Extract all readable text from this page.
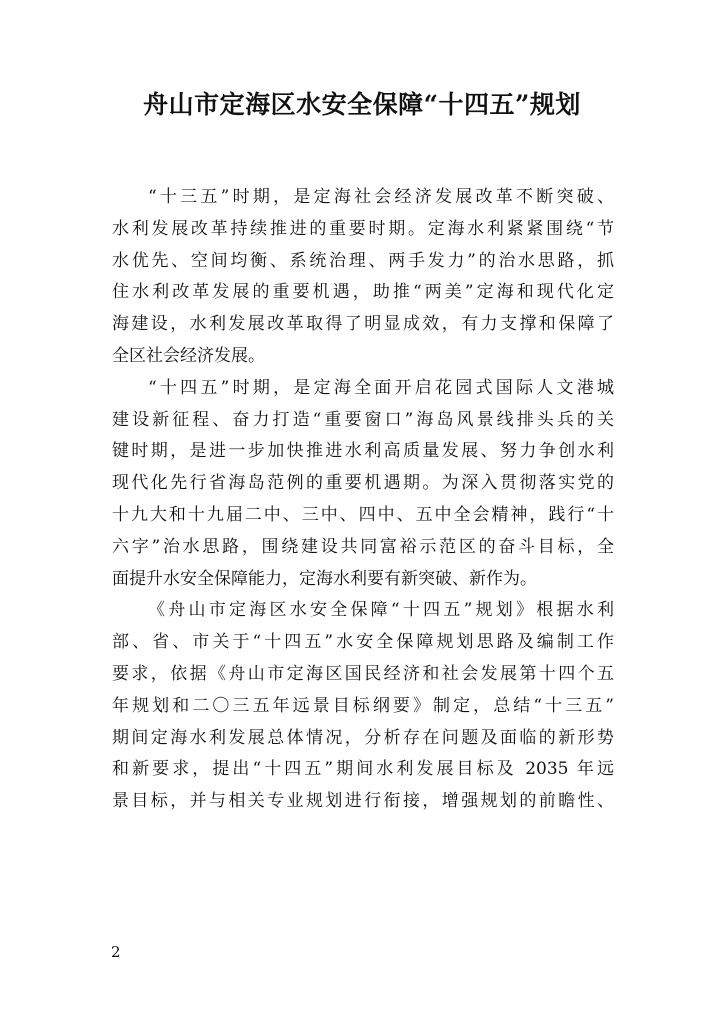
舟山市定海区水安全保障“十四五”规划
“十三五”时期，是定海社会经济发展改革不断突破、
水利发展改革持续推进的重要时期。定海水利紧紧围绕“节
水优先、空间均衡、系统治理、两手发力”的治水思路，抓
住水利改革发展的重要机遇，助推“两美”定海和现代化定
海建设，水利发展改革取得了明显成效，有力支撑和保障了
全区社会经济发展。
“十四五”时期，是定海全面开启花园式国际人文港城
建设新征程、奋力打造“重要窗口”海岛风景线排头兵的关
键时期，是进一步加快推进水利高质量发展、努力争创水利
现代化先行省海岛范例的重要机遇期。为深入贯彻落实党的
十九大和十九届二中、三中、四中、五中全会精神，践行“十
六字”治水思路，围绕建设共同富裕示范区的奋斗目标，全
面提升水安全保障能力，定海水利要有新突破、新作为。
《舟山市定海区水安全保障“十四五”规划》根据水利
部、省、市关于“十四五”水安全保障规划思路及编制工作
要求，依据《舟山市定海区国民经济和社会发展第十四个五
年规划和二〇三五年远景目标纲要》制定，总结“十三五”
期间定海水利发展总体情况，分析存在问题及面临的新形势
和新要求，提出“十四五”期间水利发展目标及 2035 年远
景目标，并与相关专业规划进行衔接，增强规划的前瞻性、
2
